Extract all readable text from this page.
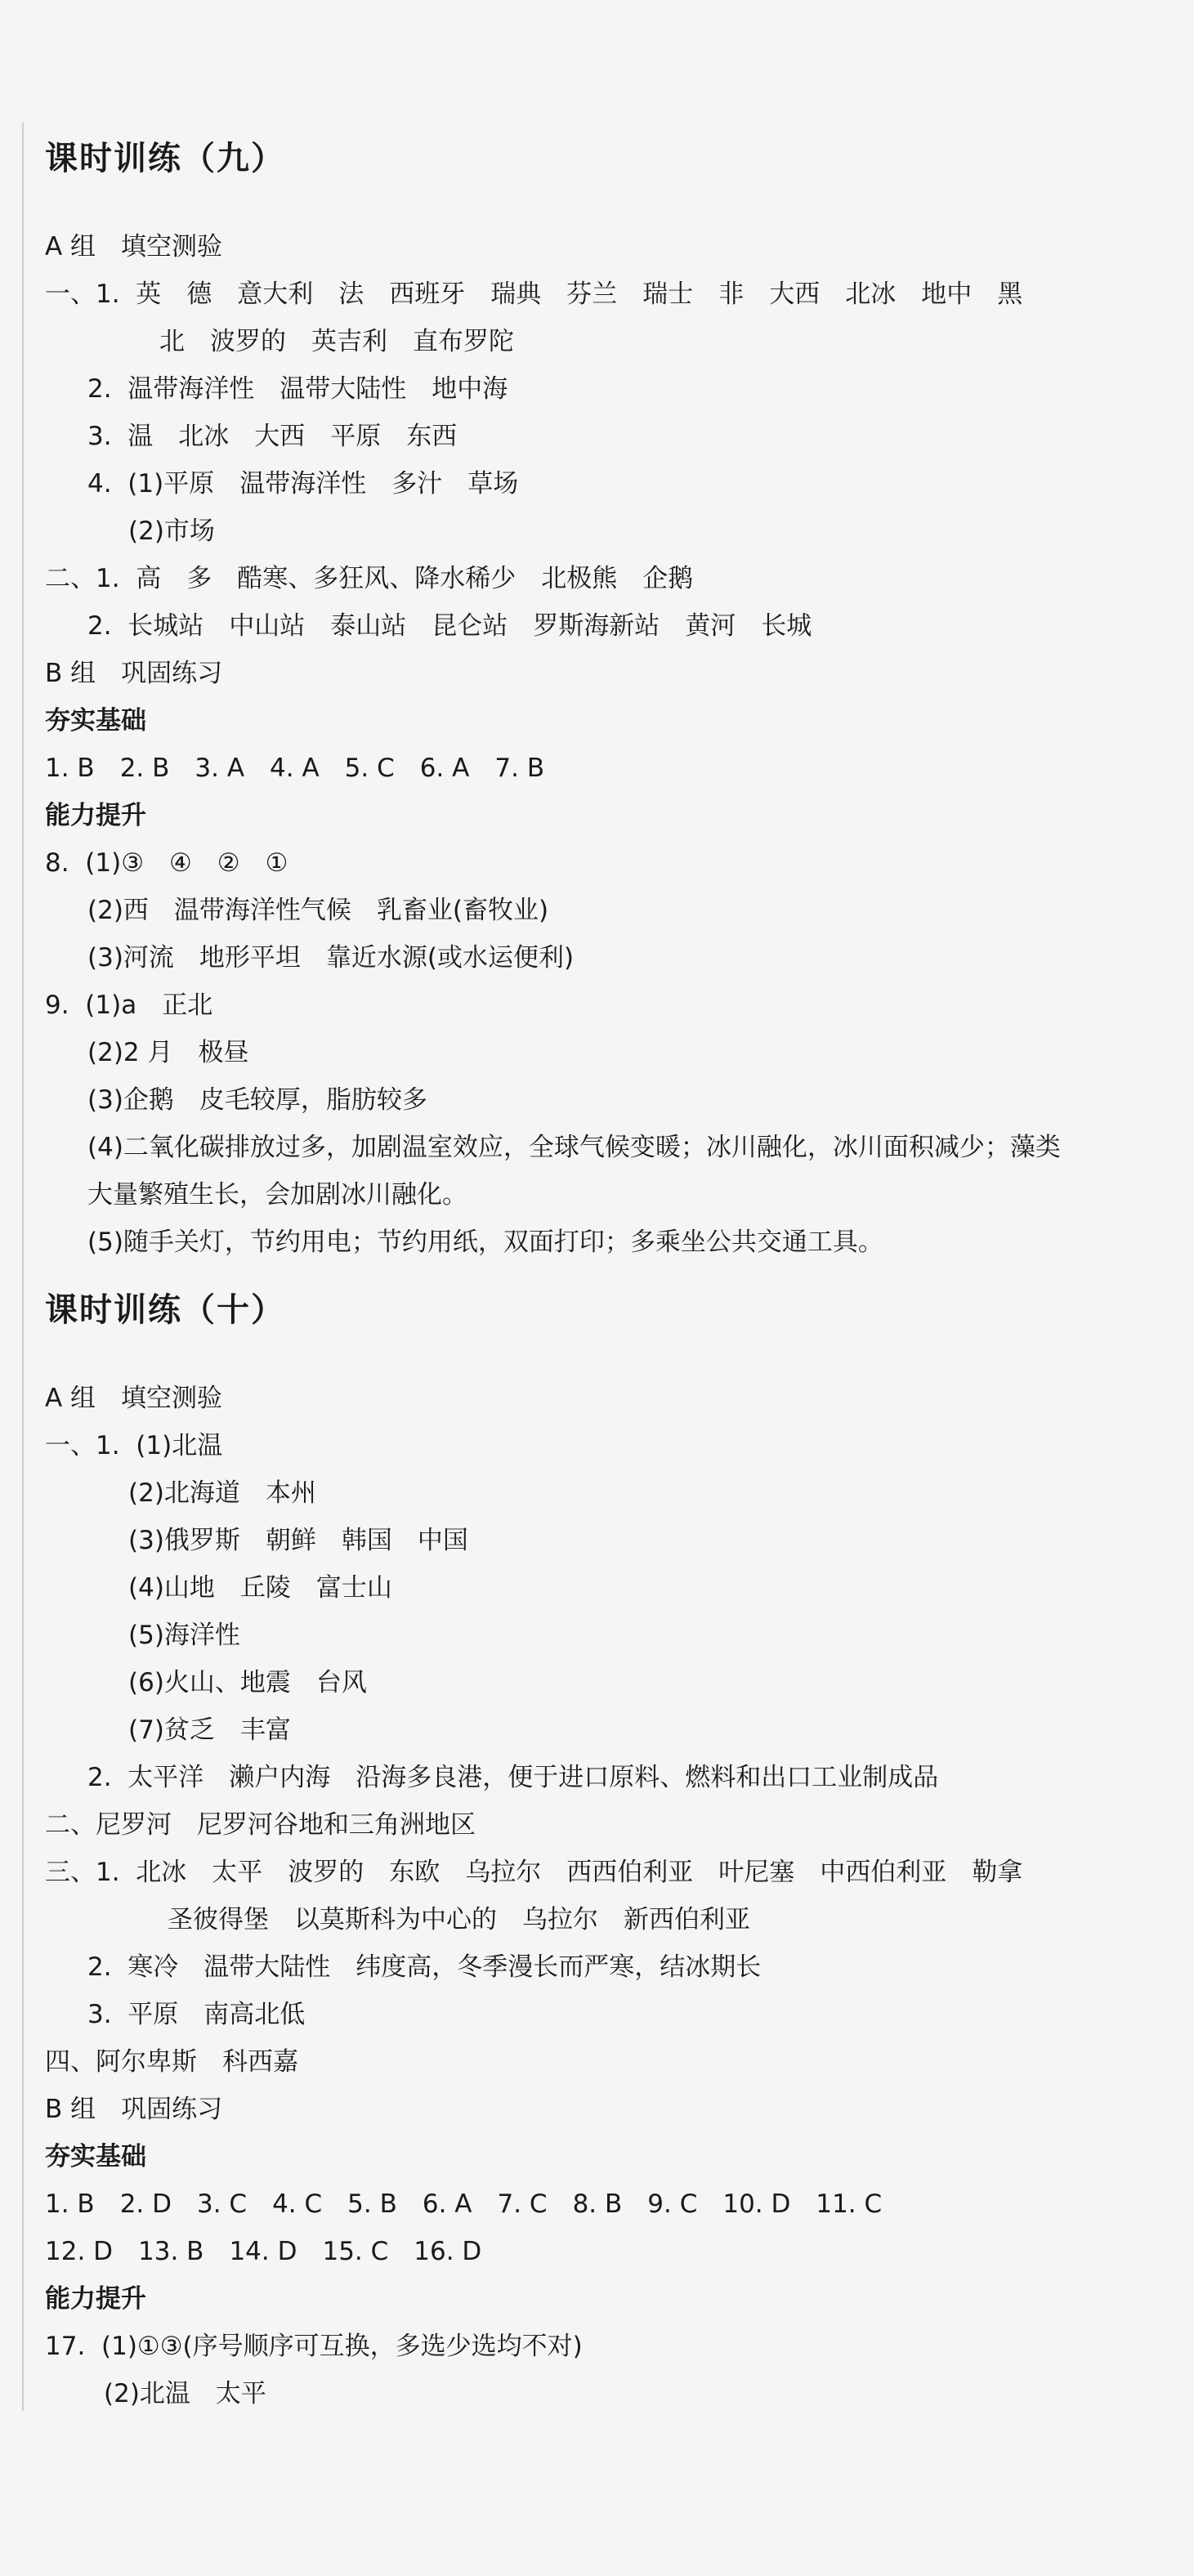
课时训练（九）
A 组　填空测验
一、1.  英　德　意大利　法　西班牙　瑞典　芬兰　瑞士　非　大西　北冰　地中　黑
北　波罗的　英吉利　直布罗陀
2.  温带海洋性　温带大陆性　地中海
3.  温　北冰　大西　平原　东西
4.  (1)平原　温带海洋性　多汁　草场
(2)市场
二、1.  高　多　酷寒、多狂风、降水稀少　北极熊　企鹅
2.  长城站　中山站　泰山站　昆仑站　罗斯海新站　黄河　长城
B 组　巩固练习
夯实基础
1. B　2. B　3. A　4. A　5. C　6. A　7. B
能力提升
8.  (1)③　④　②　①
(2)西　温带海洋性气候　乳畜业(畜牧业)
(3)河流　地形平坦　靠近水源(或水运便利)
9.  (1)a　正北
(2)2 月　极昼
(3)企鹅　皮毛较厚，脂肪较多
(4)二氧化碳排放过多，加剧温室效应，全球气候变暖；冰川融化，冰川面积减少；藻类
大量繁殖生长，会加剧冰川融化。
(5)随手关灯，节约用电；节约用纸，双面打印；多乘坐公共交通工具。
课时训练（十）
A 组　填空测验
一、1.  (1)北温
(2)北海道　本州
(3)俄罗斯　朝鲜　韩国　中国
(4)山地　丘陵　富士山
(5)海洋性
(6)火山、地震　台风
(7)贫乏　丰富
2.  太平洋　濑户内海　沿海多良港，便于进口原料、燃料和出口工业制成品
二、尼罗河　尼罗河谷地和三角洲地区
三、1.  北冰　太平　波罗的　东欧　乌拉尔　西西伯利亚　叶尼塞　中西伯利亚　勒拿
圣彼得堡　以莫斯科为中心的　乌拉尔　新西伯利亚
2.  寒冷　温带大陆性　纬度高，冬季漫长而严寒，结冰期长
3.  平原　南高北低
四、阿尔卑斯　科西嘉
B 组　巩固练习
夯实基础
1. B　2. D　3. C　4. C　5. B　6. A　7. C　8. B　9. C　10. D　11. C
12. D　13. B　14. D　15. C　16. D
能力提升
17.  (1)①③(序号顺序可互换，多选少选均不对)
(2)北温　太平
